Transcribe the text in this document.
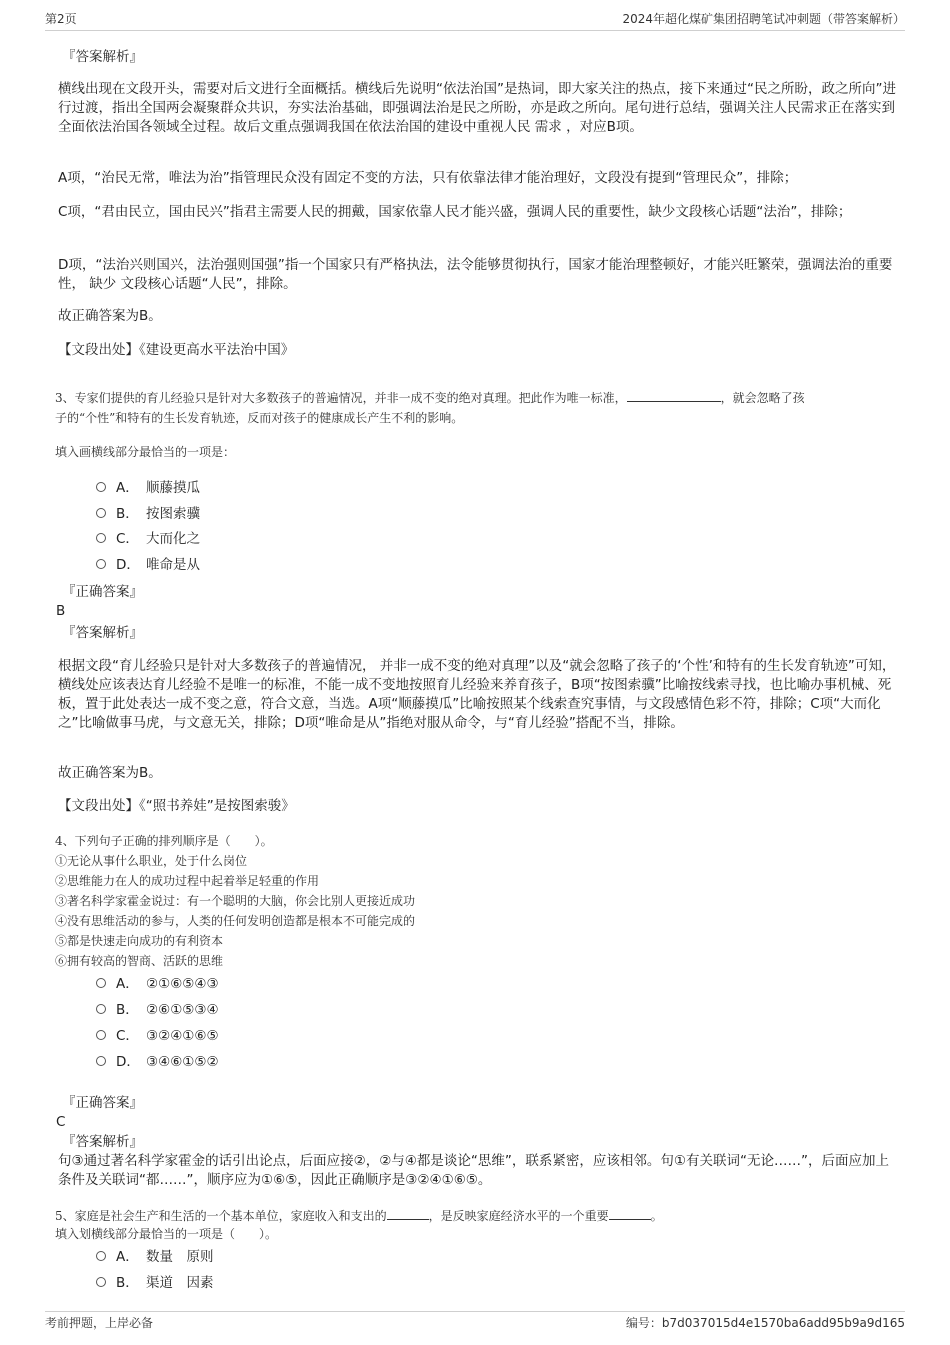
第2页	2024年超化煤矿集团招聘笔试冲刺题（带答案解析）
『答案解析』
横线出现在文段开头，需要对后文进行全面概括。横线后先说明“依法治国”是热词，即大家关注的热点，接下来通过“民之所盼，政之所向”进行过渡，指出全国两会凝聚群众共识，夯实法治基础，即强调法治是民之所盼，亦是政之所向。尾句进行总结，强调关注人民需求正在落实到全面依法治国各领域全过程。故后文重点强调我国在依法治国的建设中重视人民 需求 ，对应B项。
A项，“治民无常，唯法为治”指管理民众没有固定不变的方法，只有依靠法律才能治理好，文段没有提到“管理民众”，排除；
C项，“君由民立，国由民兴”指君主需要人民的拥戴，国家依靠人民才能兴盛，强调人民的重要性，缺少文段核心话题“法治”，排除；
D项，“法治兴则国兴，法治强则国强”指一个国家只有严格执法，法令能够贯彻执行，国家才能治理整顿好，才能兴旺繁荣，强调法治的重要性， 缺少 文段核心话题“人民”，排除。
故正确答案为B。
【文段出处】《建设更高水平法治中国》
3、专家们提供的育儿经验只是针对大多数孩子的普遍情况，并非一成不变的绝对真理。把此作为唯一标准，	，就会忽略了孩
子的“个性”和特有的生长发育轨迹，反而对孩子的健康成长产生不利的影响。
填入画横线部分最恰当的一项是：
A． 顺藤摸瓜
B． 按图索骥
C． 大而化之
D． 唯命是从
『正确答案』
B
『答案解析』
根据文段“育儿经验只是针对大多数孩子的普遍情况， 并非一成不变的绝对真理”以及“就会忽略了孩子的‘个性’和特有的生长发育轨迹”可知，横线处应该表达育儿经验不是唯一的标准，不能一成不变地按照育儿经验来养育孩子，B项“按图索骥”比喻按线索寻找，也比喻办事机械、死板，置于此处表达一成不变之意，符合文意，当选。A项“顺藤摸瓜”比喻按照某个线索查究事情，与文段感情色彩不符，排除；C项“大而化之”比喻做事马虎，与文意无关，排除；D项“唯命是从”指绝对服从命令，与“育儿经验”搭配不当，排除。
故正确答案为B。
【文段出处】《“照书养娃”是按图索骏》
4、下列句子正确的排列顺序是（　　）。
①无论从事什么职业，处于什么岗位
②思维能力在人的成功过程中起着举足轻重的作用
③著名科学家霍金说过：有一个聪明的大脑，你会比别人更接近成功
④没有思维活动的参与，人类的任何发明创造都是根本不可能完成的
⑤都是快速走向成功的有利资本
⑥拥有较高的智商、活跃的思维
A． ②①⑥⑤④③
B． ②⑥①⑤③④
C． ③②④①⑥⑤
D． ③④⑥①⑤②
『正确答案』
C
『答案解析』
句③通过著名科学家霍金的话引出论点，后面应接②，②与④都是谈论“思维”，联系紧密，应该相邻。句①有关联词“无论……”，后面应加上条件及关联词“都……”，顺序应为①⑥⑤，因此正确顺序是③②④①⑥⑤。
5、家庭是社会生产和生活的一个基本单位，家庭收入和支出的	，是反映家庭经济水平的一个重要	。
填入划横线部分最恰当的一项是（　　）。
A． 数量　原则
B． 渠道　因素
考前押题，上岸必备	编号：b7d037015d4e1570ba6add95b9a9d165
